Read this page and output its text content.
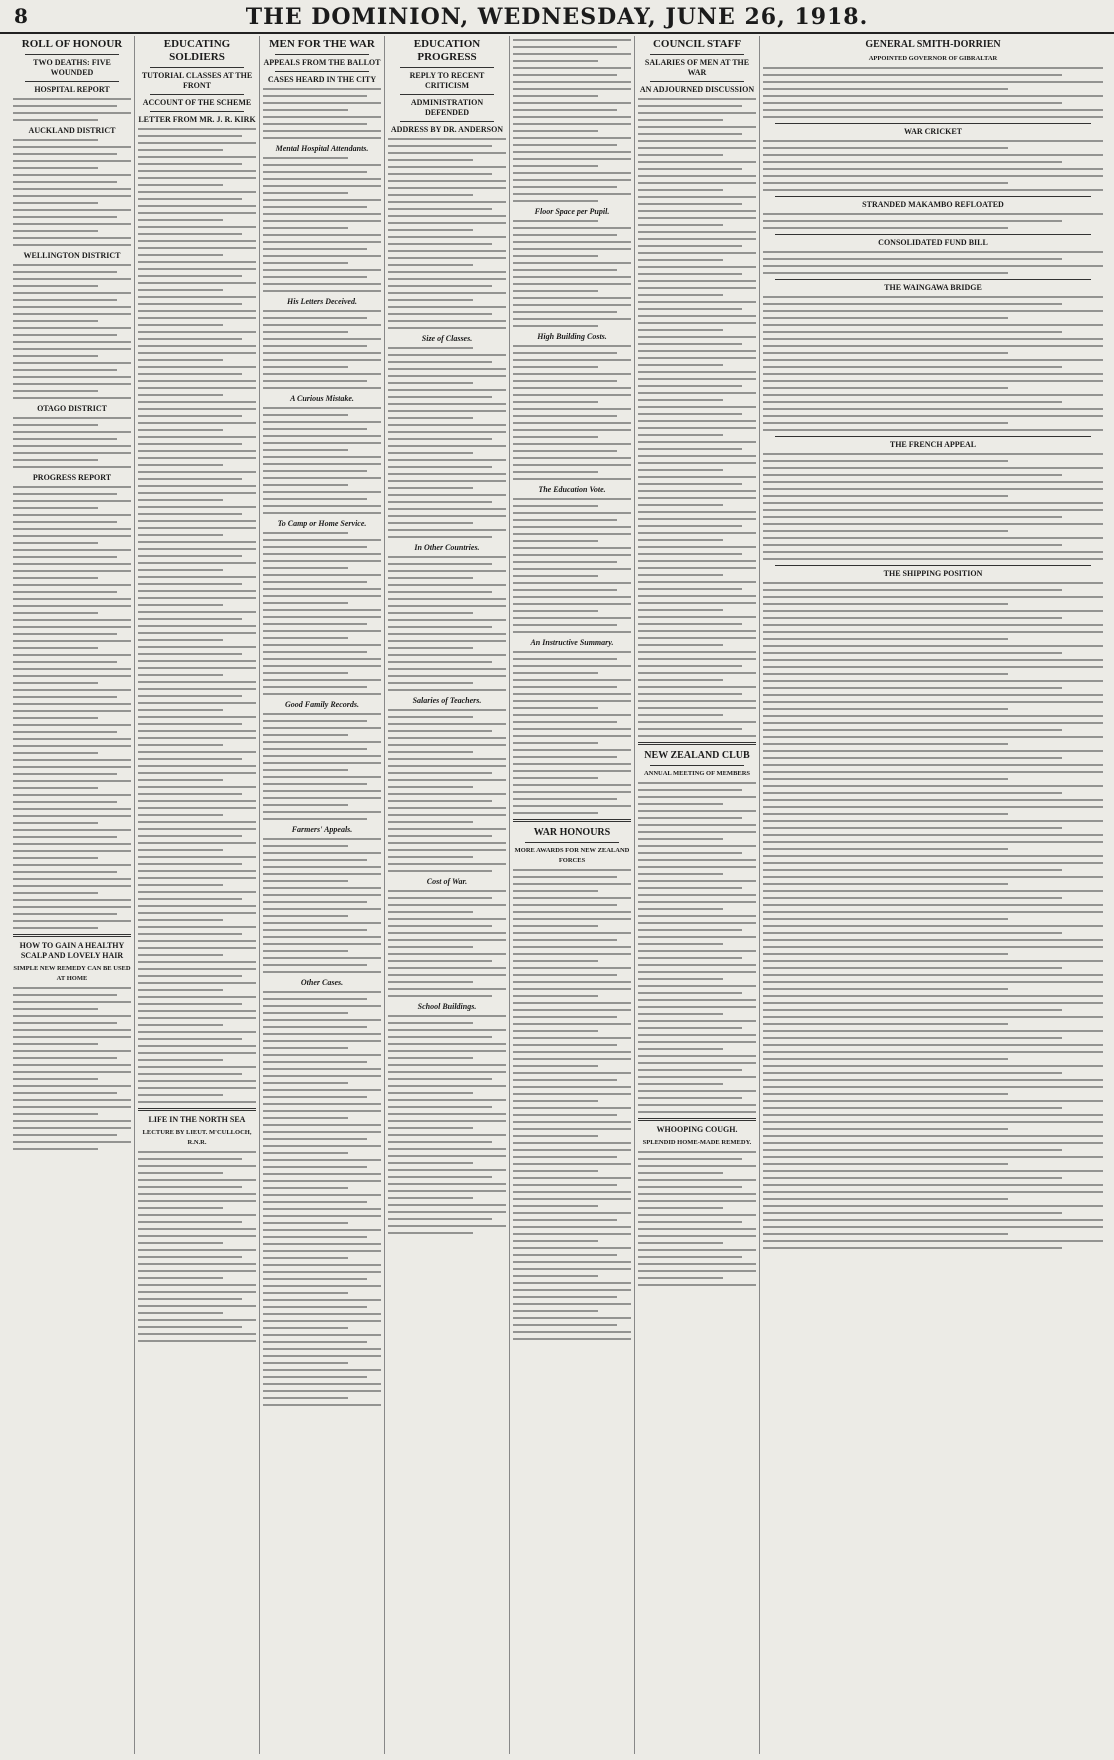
8	THE DOMINION, WEDNESDAY, JUNE 26, 1918.
ROLL OF HONOUR
TWO DEATHS: FIVE WOUNDED
HOSPITAL REPORT
AUCKLAND DISTRICT
WELLINGTON DISTRICT
OTAGO DISTRICT
PROGRESS REPORT
HOW TO GAIN A HEALTHY SCALP AND LOVELY HAIR
SIMPLE NEW REMEDY CAN BE USED AT HOME
EDUCATING SOLDIERS
TUTORIAL CLASSES AT THE FRONT
ACCOUNT OF THE SCHEME
LETTER FROM MR. J. R. KIRK
LIFE IN THE NORTH SEA
LECTURE BY LIEUT. M'CULLOCH, R.N.R.
MEN FOR THE WAR
APPEALS FROM THE BALLOT
CASES HEARD IN THE CITY
Mental Hospital Attendants.
His Letters Deceived.
A Curious Mistake.
To Camp or Home Service.
Good Family Records.
Farmers' Appeals.
Other Cases.
EDUCATION PROGRESS
REPLY TO RECENT CRITICISM
ADMINISTRATION DEFENDED
ADDRESS BY DR. ANDERSON
Size of Classes.
In Other Countries.
Salaries of Teachers.
Cost of War.
School Buildings.
Floor Space per Pupil.
High Building Costs.
The Education Vote.
An Instructive Summary.
WAR HONOURS
MORE AWARDS FOR NEW ZEALAND FORCES
COUNCIL STAFF
SALARIES OF MEN AT THE WAR
AN ADJOURNED DISCUSSION
NEW ZEALAND CLUB
ANNUAL MEETING OF MEMBERS
WHOOPING COUGH.
SPLENDID HOME-MADE REMEDY.
GENERAL SMITH-DORRIEN
APPOINTED GOVERNOR OF GIBRALTAR
WAR CRICKET
STRANDED MAKAMBO REFLOATED
CONSOLIDATED FUND BILL
THE WAINGAWA BRIDGE
THE FRENCH APPEAL
THE SHIPPING POSITION
